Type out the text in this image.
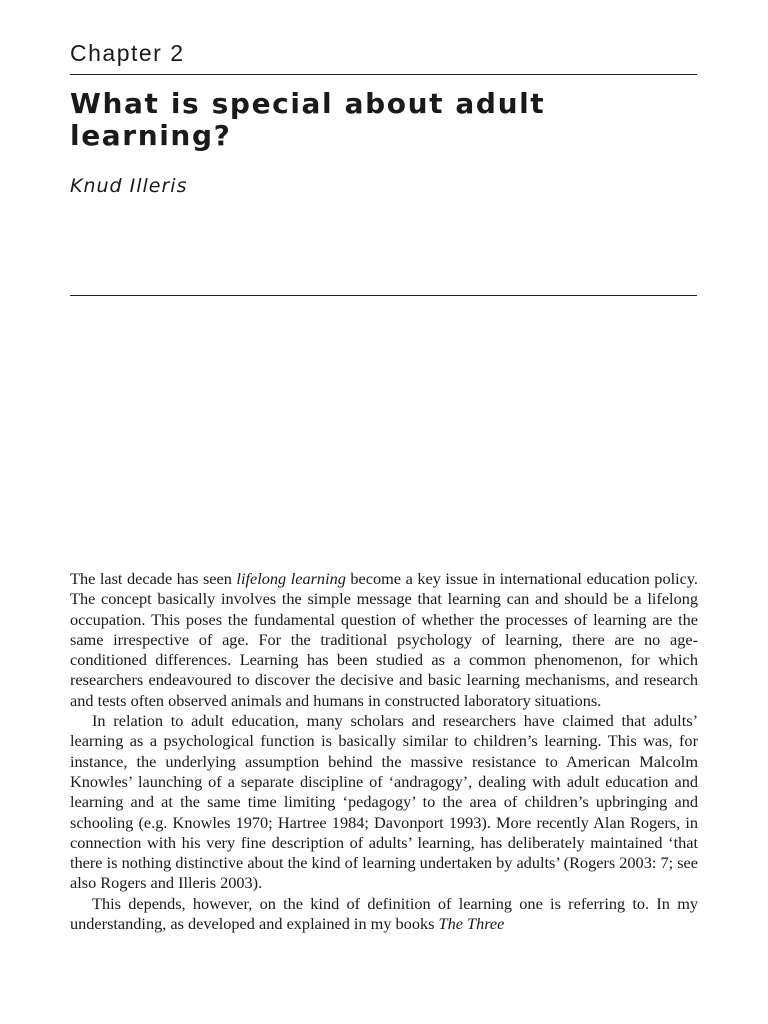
Chapter 2
What is special about adult learning?
Knud Illeris

The last decade has seen lifelong learning become a key issue in international education policy. The concept basically involves the simple message that learning can and should be a lifelong occupation. This poses the fundamental question of whether the processes of learning are the same irrespective of age. For the traditional psychology of learning, there are no age-conditioned differences. Learning has been studied as a common phenomenon, for which researchers endeavoured to discover the decisive and basic learning mechanisms, and research and tests often observed animals and humans in constructed laboratory situations.

In relation to adult education, many scholars and researchers have claimed that adults’ learning as a psychological function is basically similar to children’s learning. This was, for instance, the underlying assumption behind the massive resistance to American Malcolm Knowles’ launching of a separate discipline of ‘andragogy’, dealing with adult education and learning and at the same time limiting ‘pedagogy’ to the area of children’s upbringing and schooling (e.g. Knowles 1970; Hartree 1984; Davonport 1993). More recently Alan Rogers, in connection with his very fine description of adults’ learning, has deliberately maintained ‘that there is nothing distinctive about the kind of learning undertaken by adults’ (Rogers 2003: 7; see also Rogers and Illeris 2003).

This depends, however, on the kind of definition of learning one is referring to. In my understanding, as developed and explained in my books The Three
